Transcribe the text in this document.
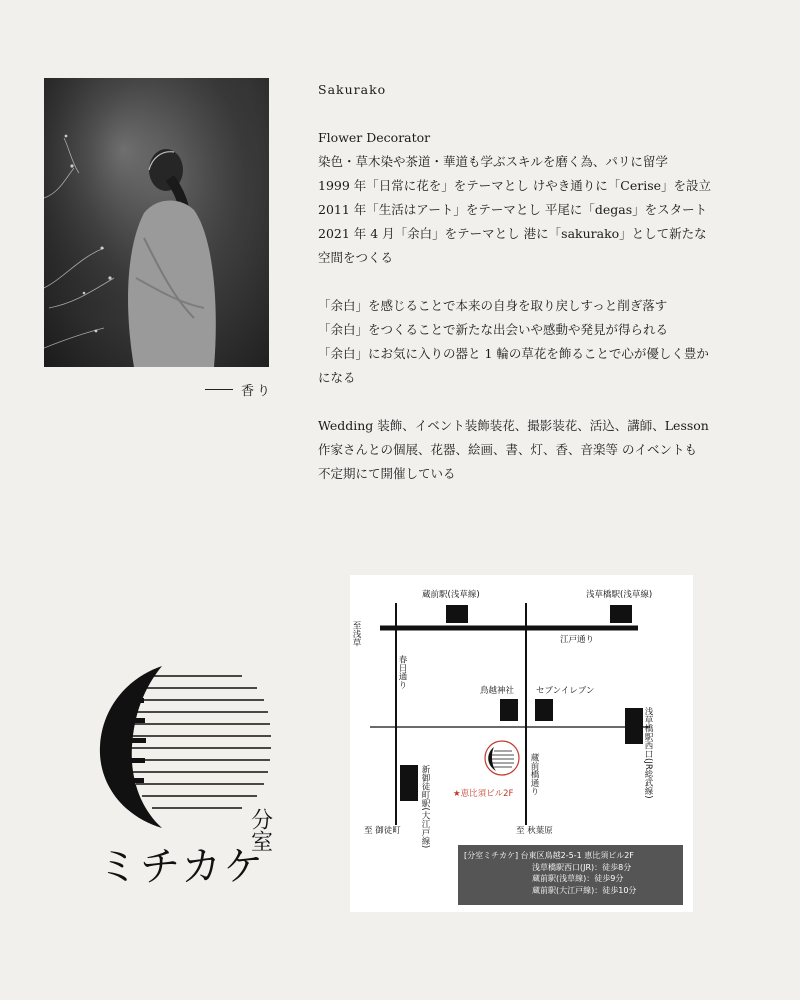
香り

Sakurako

Flower Decorator

染色・草木染や茶道・華道も学ぶスキルを磨く為、パリに留学

1999 年「日常に花を」をテーマとし けやき通りに「Cerise」を設立

2011 年「生活はアート」をテーマとし 平尾に「degas」をスタート

2021 年 4 月「余白」をテーマとし 港に「sakurako」として新たな

空間をつくる

「余白」を感じることで本来の自身を取り戻しすっと削ぎ落す

「余白」をつくることで新たな出会いや感動や発見が得られる

「余白」にお気に入りの器と 1 輪の草花を飾ることで心が優しく豊か

になる

Wedding 装飾、イベント装飾装花、撮影装花、活込、講師、Lesson

作家さんとの個展、花器、絵画、書、灯、香、音楽等 のイベントも

不定期にて開催している

分室
ミチカケ
蔵前駅(浅草線)	浅草橋駅(浅草線)
江戸通り
至浅草
春日通り
鳥越神社	セブンイレブン
浅草橋駅西口(JR総武線)
新御徒町駅(大江戸線)	蔵前橋通り
★恵比須ビル2F
至 御徒町	至 秋葉原
[分室ミチカケ] 台東区鳥越2-5-1 恵比須ビル2F
浅草橋駅西口(JR)：徒歩8分
蔵前駅(浅草線)：徒歩9分
蔵前駅(大江戸線)：徒歩10分
